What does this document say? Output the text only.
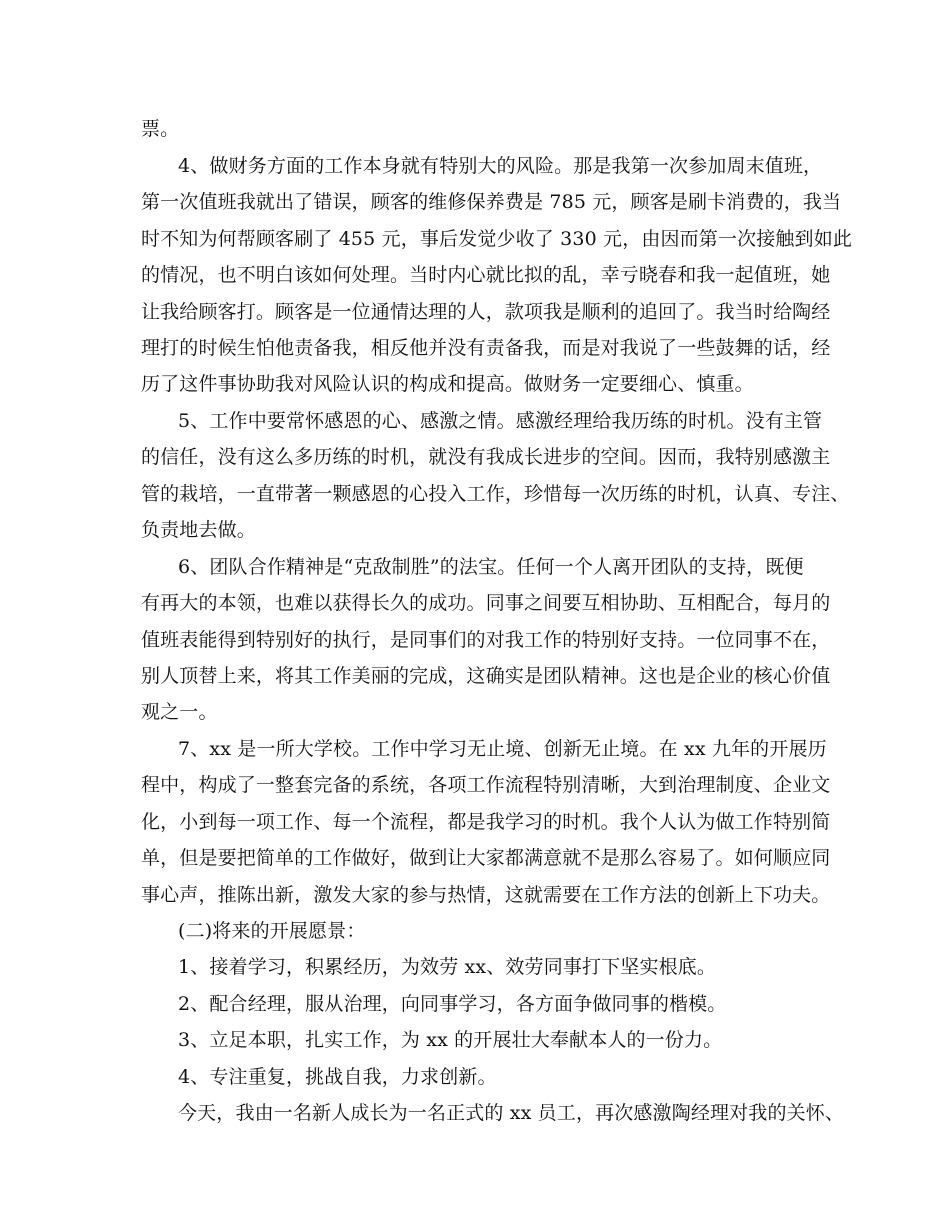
票。
4、做财务方面的工作本身就有特别大的风险。那是我第一次参加周末值班，
第一次值班我就出了错误，顾客的维修保养费是 785 元，顾客是刷卡消费的，我当
时不知为何帮顾客刷了 455 元，事后发觉少收了 330 元，由因而第一次接触到如此
的情况，也不明白该如何处理。当时内心就比拟的乱，幸亏晓春和我一起值班，她
让我给顾客打。顾客是一位通情达理的人，款项我是顺利的追回了。我当时给陶经
理打的时候生怕他责备我，相反他并没有责备我，而是对我说了一些鼓舞的话，经
历了这件事协助我对风险认识的构成和提高。做财务一定要细心、慎重。
5、工作中要常怀感恩的心、感激之情。感激经理给我历练的时机。没有主管
的信任，没有这么多历练的时机，就没有我成长进步的空间。因而，我特别感激主
管的栽培，一直带著一颗感恩的心投入工作，珍惜每一次历练的时机，认真、专注、
负责地去做。
6、团队合作精神是“克敌制胜”的法宝。任何一个人离开团队的支持，既便
有再大的本领，也难以获得长久的成功。同事之间要互相协助、互相配合，每月的
值班表能得到特别好的执行，是同事们的对我工作的特别好支持。一位同事不在，
别人顶替上来，将其工作美丽的完成，这确实是团队精神。这也是企业的核心价值
观之一。
7、xx 是一所大学校。工作中学习无止境、创新无止境。在 xx 九年的开展历
程中，构成了一整套完备的系统，各项工作流程特别清晰，大到治理制度、企业文
化，小到每一项工作、每一个流程，都是我学习的时机。我个人认为做工作特别简
单，但是要把简单的工作做好，做到让大家都满意就不是那么容易了。如何顺应同
事心声，推陈出新，激发大家的参与热情，这就需要在工作方法的创新上下功夫。
(二)将来的开展愿景：
1、接着学习，积累经历，为效劳 xx、效劳同事打下坚实根底。
2、配合经理，服从治理，向同事学习，各方面争做同事的楷模。
3、立足本职，扎实工作，为 xx 的开展壮大奉献本人的一份力。
4、专注重复，挑战自我，力求创新。
今天，我由一名新人成长为一名正式的 xx 员工，再次感激陶经理对我的关怀、
